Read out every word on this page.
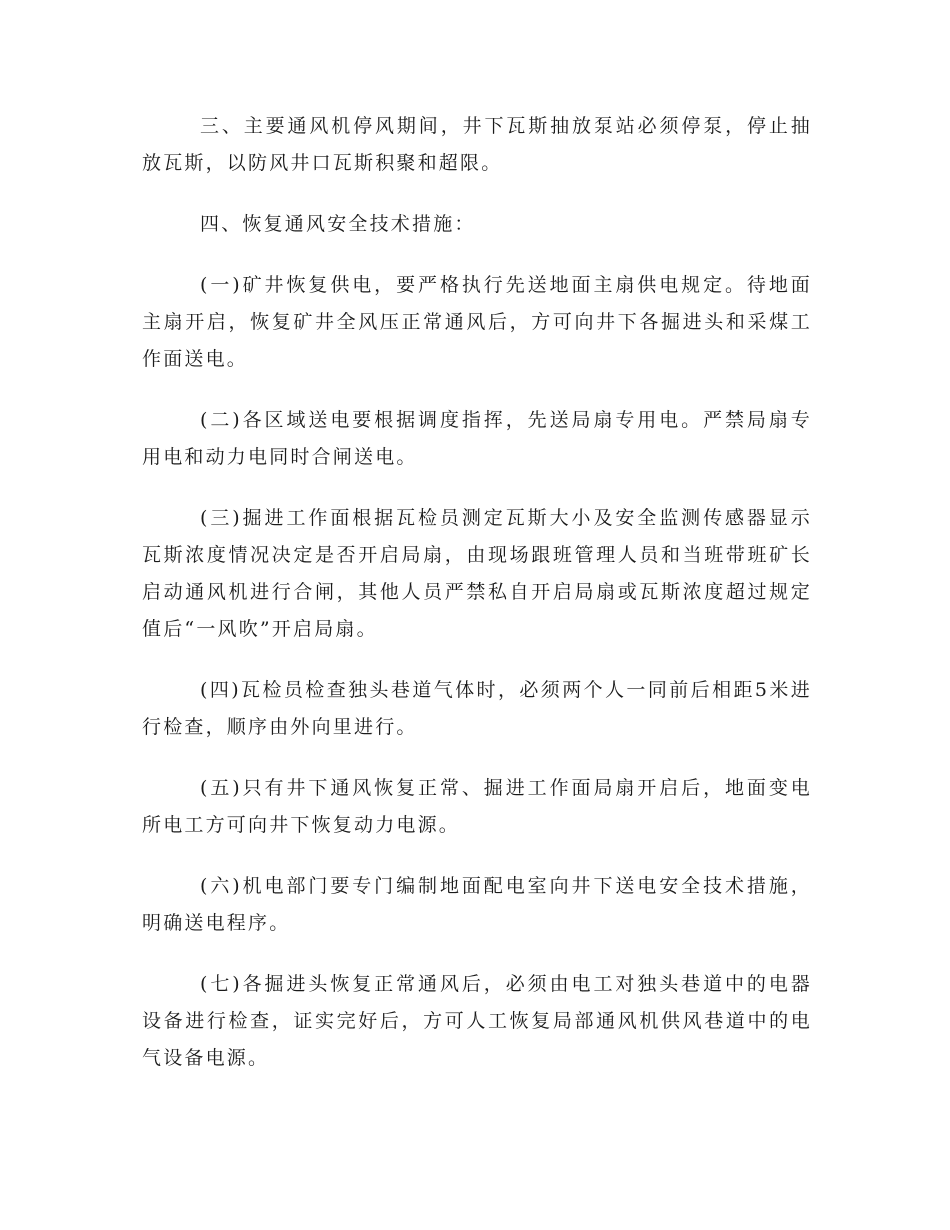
三、主要通风机停风期间，井下瓦斯抽放泵站必须停泵，停止抽放瓦斯，以防风井口瓦斯积聚和超限。

四、恢复通风安全技术措施：

(一)矿井恢复供电，要严格执行先送地面主扇供电规定。待地面主扇开启，恢复矿井全风压正常通风后，方可向井下各掘进头和采煤工作面送电。

(二)各区域送电要根据调度指挥，先送局扇专用电。严禁局扇专用电和动力电同时合闸送电。

(三)掘进工作面根据瓦检员测定瓦斯大小及安全监测传感器显示瓦斯浓度情况决定是否开启局扇，由现场跟班管理人员和当班带班矿长启动通风机进行合闸，其他人员严禁私自开启局扇或瓦斯浓度超过规定值后“一风吹”开启局扇。

(四)瓦检员检查独头巷道气体时，必须两个人一同前后相距5米进行检查，顺序由外向里进行。

(五)只有井下通风恢复正常、掘进工作面局扇开启后，地面变电所电工方可向井下恢复动力电源。

(六)机电部门要专门编制地面配电室向井下送电安全技术措施，明确送电程序。

(七)各掘进头恢复正常通风后，必须由电工对独头巷道中的电器设备进行检查，证实完好后，方可人工恢复局部通风机供风巷道中的电气设备电源。
